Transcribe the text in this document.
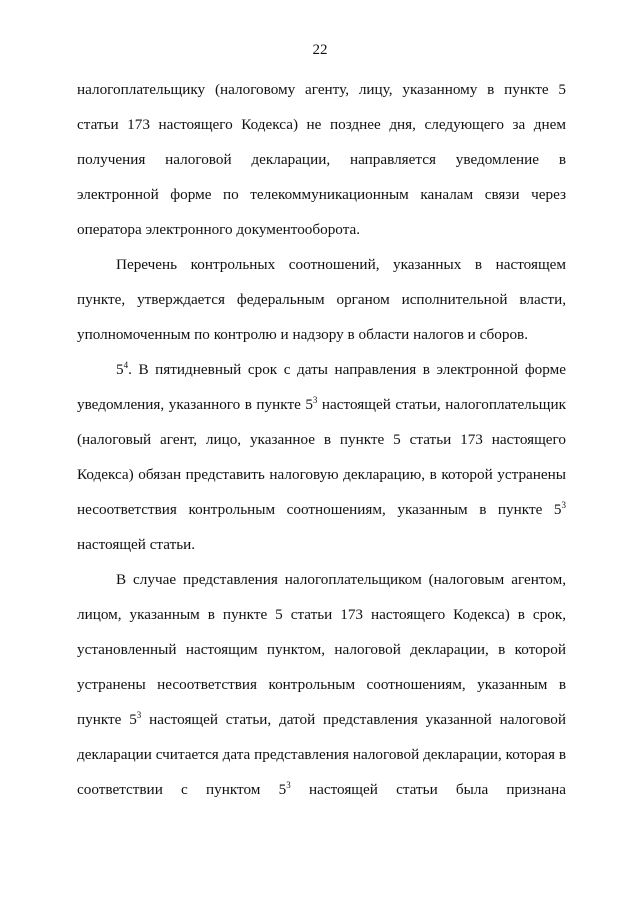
22
налогоплательщику (налоговому агенту, лицу, указанному в пункте 5
статьи 173 настоящего Кодекса) не позднее дня, следующего за днем
получения налоговой декларации, направляется уведомление в
электронной форме по телекоммуникационным каналам связи через
оператора электронного документооборота.
Перечень контрольных соотношений, указанных в настоящем
пункте, утверждается федеральным органом исполнительной власти,
уполномоченным по контролю и надзору в области налогов и сборов.
$5^4$. В пятидневный срок с даты направления в электронной форме
уведомления, указанного в пункте $5^3$ настоящей статьи, налогоплательщик
(налоговый агент, лицо, указанное в пункте 5 статьи 173 настоящего
Кодекса) обязан представить налоговую декларацию, в которой устранены
несоответствия контрольным соотношениям, указанным в пункте $5^3$
настоящей статьи.
В случае представления налогоплательщиком (налоговым агентом,
лицом, указанным в пункте 5 статьи 173 настоящего Кодекса) в срок,
установленный настоящим пунктом, налоговой декларации, в которой
устранены несоответствия контрольным соотношениям, указанным в
пункте $5^3$ настоящей статьи, датой представления указанной налоговой
декларации считается дата представления налоговой декларации, которая в
соответствии с пунктом $5^3$ настоящей статьи была признана
